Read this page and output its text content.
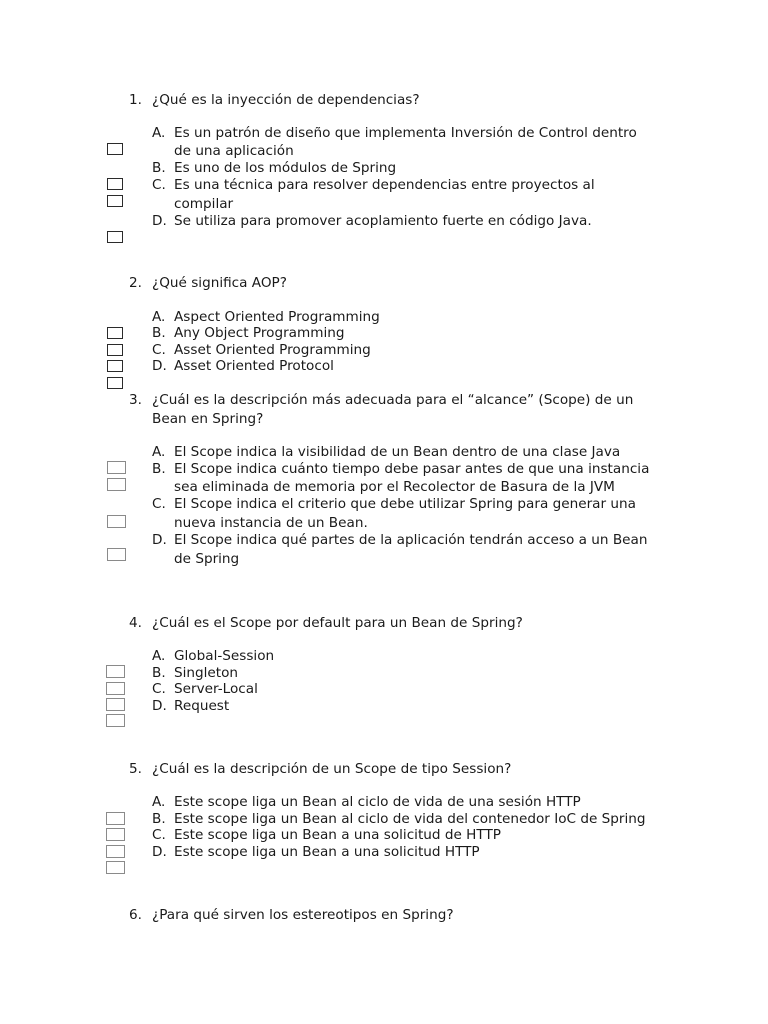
1. ¿Qué es la inyección de dependencias?
A. Es un patrón de diseño que implementa Inversión de Control dentro
de una aplicación
B. Es uno de los módulos de Spring
C. Es una técnica para resolver dependencias entre proyectos al
compilar
D. Se utiliza para promover acoplamiento fuerte en código Java.
2. ¿Qué significa AOP?
A. Aspect Oriented Programming
B. Any Object Programming
C. Asset Oriented Programming
D. Asset Oriented Protocol
3. ¿Cuál es la descripción más adecuada para el “alcance” (Scope) de un
Bean en Spring?
A. El Scope indica la visibilidad de un Bean dentro de una clase Java
B. El Scope indica cuánto tiempo debe pasar antes de que una instancia
sea eliminada de memoria por el Recolector de Basura de la JVM
C. El Scope indica el criterio que debe utilizar Spring para generar una
nueva instancia de un Bean.
D. El Scope indica qué partes de la aplicación tendrán acceso a un Bean
de Spring
4. ¿Cuál es el Scope por default para un Bean de Spring?
A. Global-Session
B. Singleton
C. Server-Local
D. Request
5. ¿Cuál es la descripción de un Scope de tipo Session?
A. Este scope liga un Bean al ciclo de vida de una sesión HTTP
B. Este scope liga un Bean al ciclo de vida del contenedor IoC de Spring
C. Este scope liga un Bean a una solicitud de HTTP
D. Este scope liga un Bean a una solicitud HTTP
6. ¿Para qué sirven los estereotipos en Spring?
